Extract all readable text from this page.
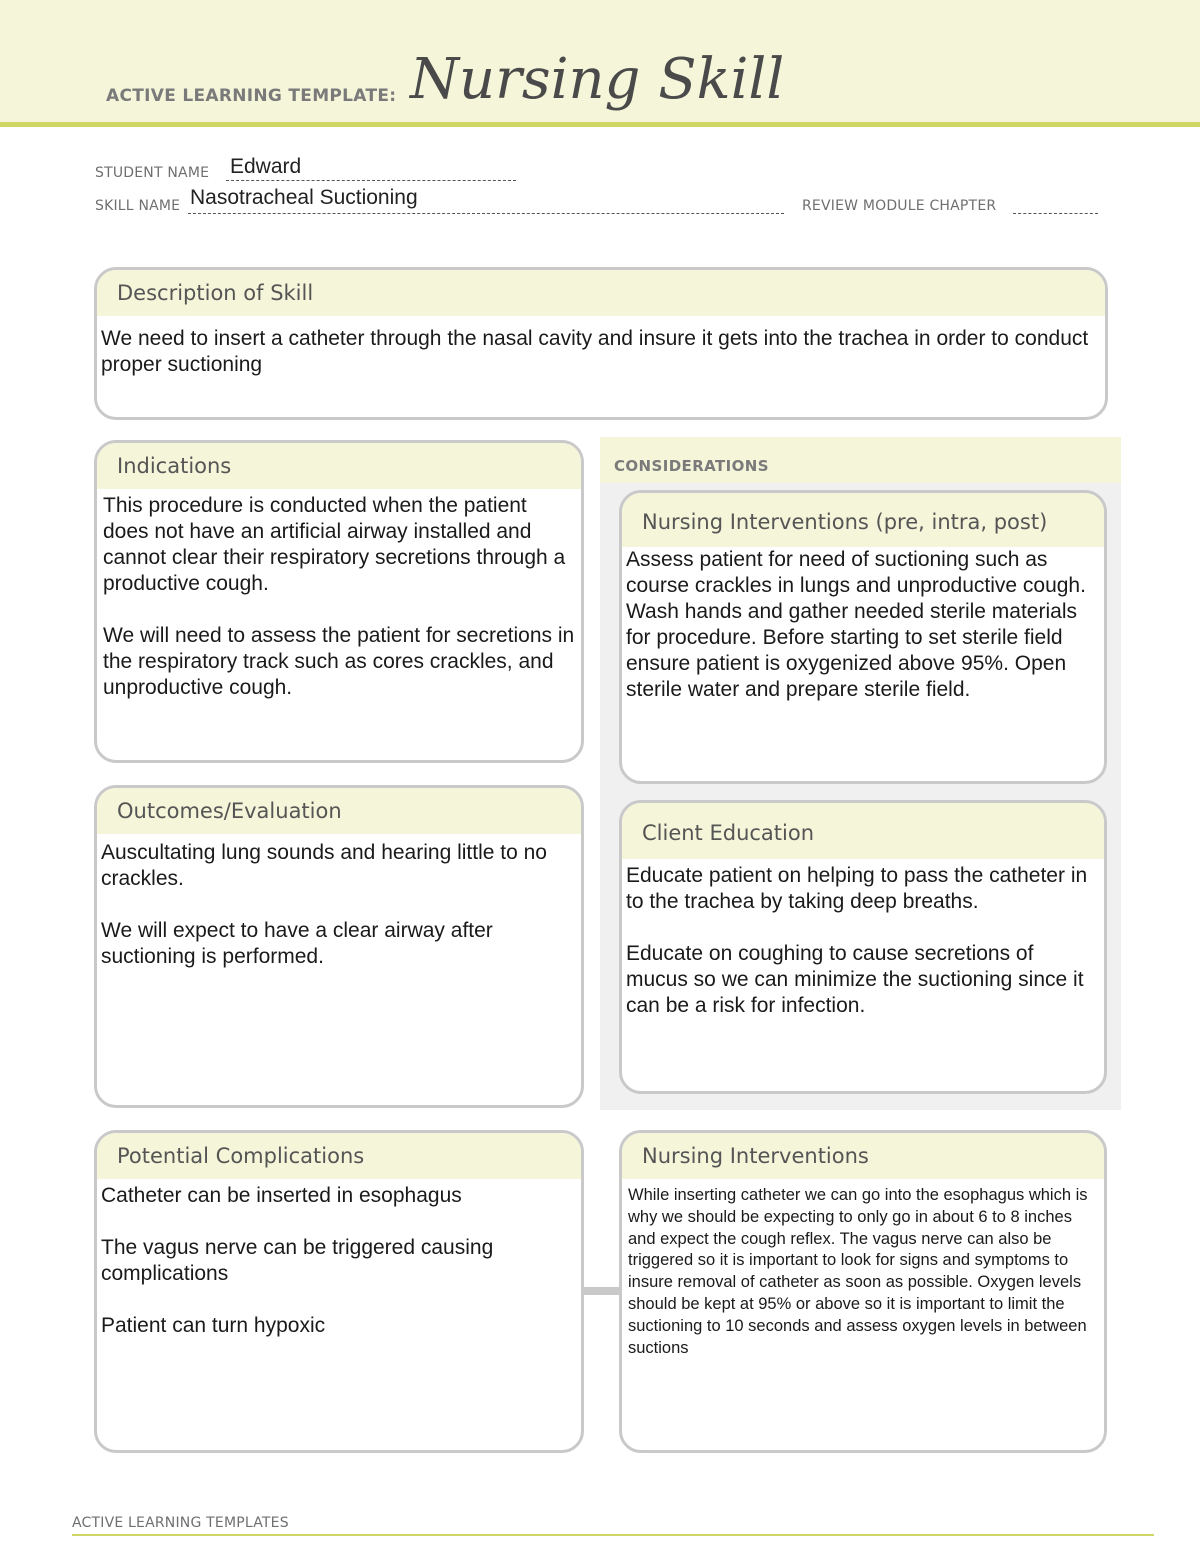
ACTIVE LEARNING TEMPLATE: Nursing Skill
STUDENT NAME Edward
SKILL NAME Nasotracheal Suctioning	REVIEW MODULE CHAPTER
Description of Skill
We need to insert a catheter through the nasal cavity and insure it gets into the trachea in order to conduct proper suctioning
Indications

This procedure is conducted when the patient does not have an artificial airway installed and cannot clear their respiratory secretions through a productive cough.

We will need to assess the patient for secretions in the respiratory track such as cores crackles, and unproductive cough.

Outcomes/Evaluation

Auscultating lung sounds and hearing little to no crackles.

We will expect to have a clear airway after suctioning is performed.

CONSIDERATIONS
Nursing Interventions (pre, intra, post)
Assess patient for need of suctioning such as course crackles in lungs and unproductive cough. Wash hands and gather needed sterile materials for procedure. Before starting to set sterile field ensure patient is oxygenized above 95%. Open sterile water and prepare sterile field.
Client Education

Educate patient on helping to pass the catheter in to the trachea by taking deep breaths.

Educate on coughing to cause secretions of mucus so we can minimize the suctioning since it can be a risk for infection.

Potential Complications

Catheter can be inserted in esophagus

The vagus nerve can be triggered causing complications

Patient can turn hypoxic

Nursing Interventions
While inserting catheter we can go into the esophagus which is why we should be expecting to only go in about 6 to 8 inches and expect the cough reflex. The vagus nerve can also be triggered so it is important to look for signs and symptoms to insure removal of catheter as soon as possible. Oxygen levels should be kept at 95% or above so it is important to limit the suctioning to 10 seconds and assess oxygen levels in between suctions
ACTIVE LEARNING TEMPLATES
